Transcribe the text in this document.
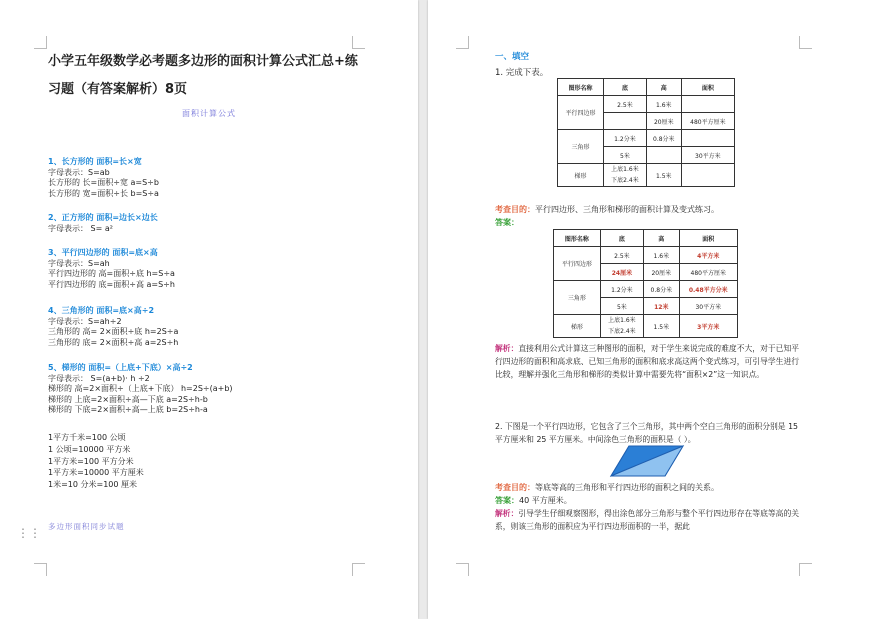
小学五年级数学必考题多边形的面积计算公式汇总+练习题（有答案解析）8页
面积计算公式
1、长方形的 面积=长×宽
字母表示：S=ab
长方形的 长=面积÷宽 a=S÷b
长方形的 宽=面积÷长 b=S÷a
2、正方形的 面积=边长×边长
字母表示： S= a²
3、平行四边形的 面积=底×高
字母表示：S=ah
平行四边形的 高=面积÷底 h=S÷a
平行四边形的 底=面积÷高 a=S÷h
4、三角形的 面积=底×高÷2
字母表示：S=ah÷2
三角形的 高= 2×面积÷底 h=2S÷a
三角形的 底= 2×面积÷高 a=2S÷h
5、梯形的 面积=（上底+下底）×高÷2
字母表示： S=(a+b)· h ÷2
梯形的 高=2×面积÷（上底+下底） h=2S÷(a+b)
梯形的 上底=2×面积÷高—下底 a=2S÷h-b
梯形的 下底=2×面积÷高—上底 b=2S÷h-a
1平方千米=100 公顷
1 公顷=10000 平方米
1平方米=100 平方分米
1平方米=10000 平方厘米
1米=10 分米=100 厘米
多边形面积同步试题
⋮⋮
一、填空
1. 完成下表。
图形名称	底	高	面积
平行四边形	2.5米	1.6米	
		20厘米	480平方厘米
三角形	1.2分米	0.8分米	
	5米		30平方米
梯形	上底1.6米
下底2.4米	1.5米	
考查目的：平行四边形、三角形和梯形的面积计算及变式练习。
答案：
图形名称	底	高	面积
平行四边形	2.5米	1.6米	4平方米
	24厘米	20厘米	480平方厘米
三角形	1.2分米	0.8分米	0.48平方分米
	5米	12米	30平方米
梯形	上底1.6米
下底2.4米	1.5米	3平方米
解析：直接利用公式计算这三种图形的面积，对于学生来说完成的难度不大，对于已知平行四边形的面积和高求底、已知三角形的面积和底求高这两个变式练习，可引导学生进行比较，理解并强化三角形和梯形的类似计算中需要先将“面积×2”这一知识点。
2. 下图是一个平行四边形，它包含了三个三角形，其中两个空白三角形的面积分别是 15 平方厘米和 25 平方厘米。中间涂色三角形的面积是（ ）。
考查目的：等底等高的三角形和平行四边形的面积之间的关系。
答案：40 平方厘米。
解析：引导学生仔细观察图形，得出涂色部分三角形与整个平行四边形存在等底等高的关系，则该三角形的面积应为平行四边形面积的一半，据此
